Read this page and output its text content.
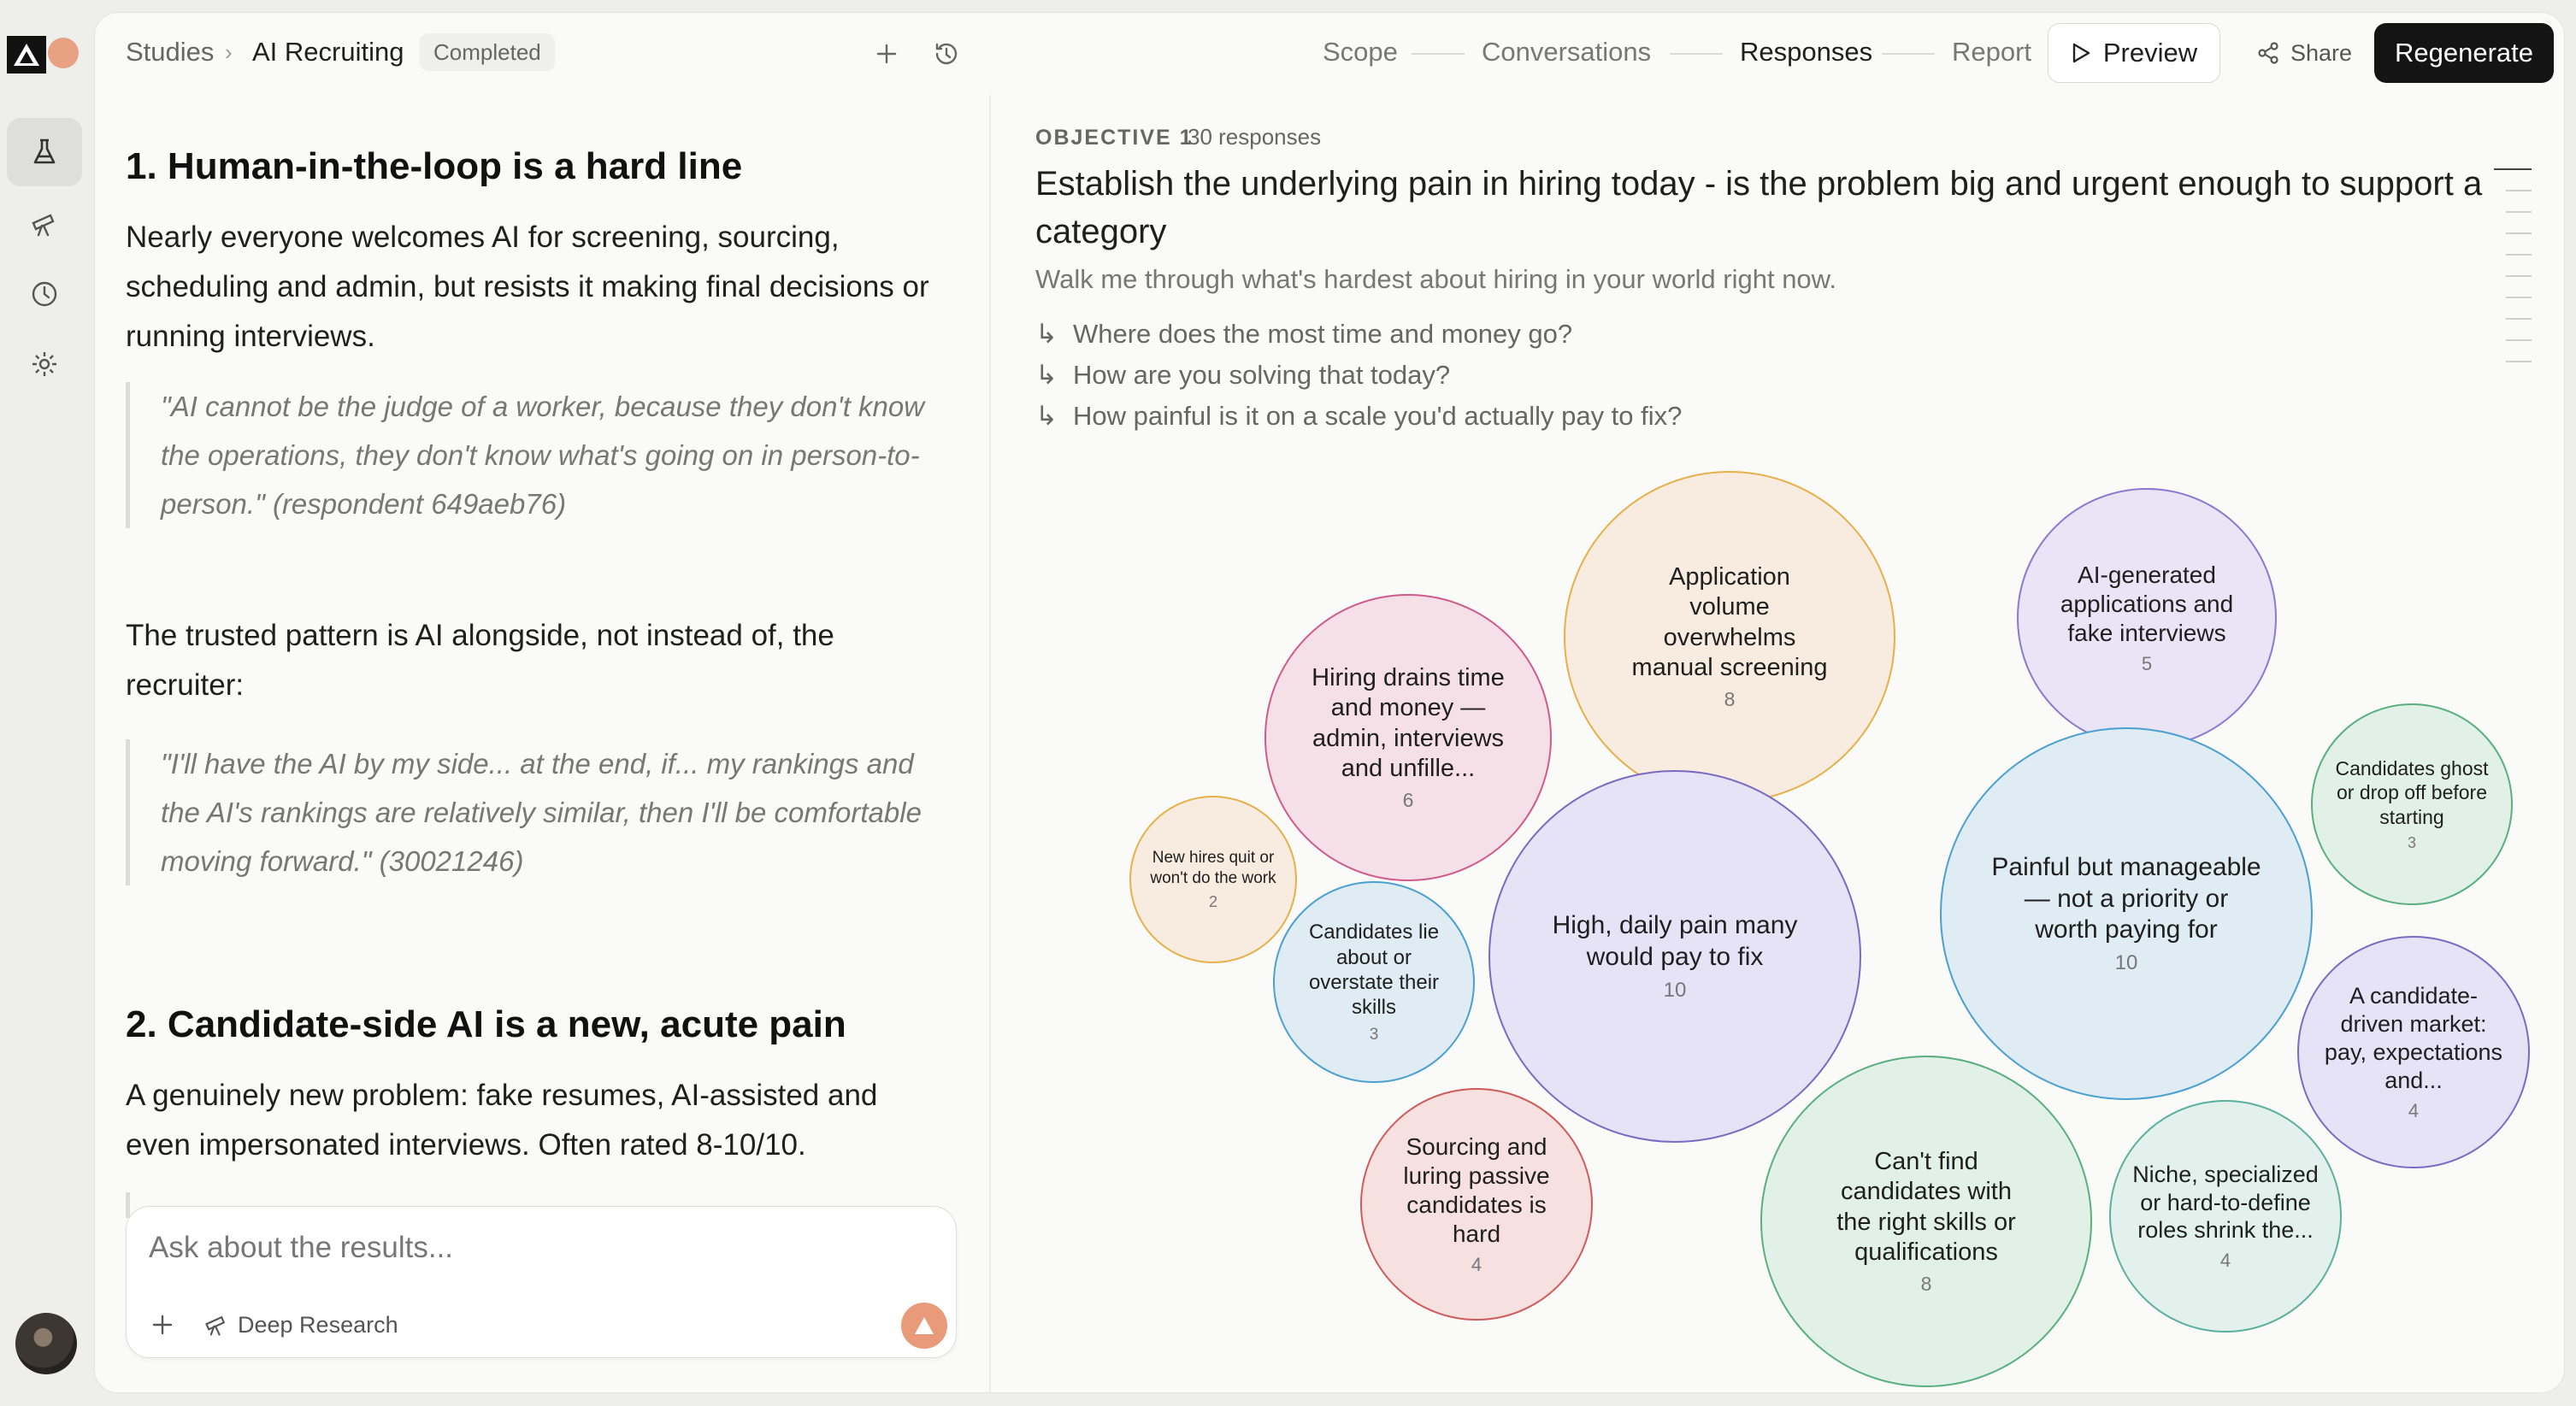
Studies › AI Recruiting	Completed	Scope	Conversations	Responses	Report	Preview	Share	Regenerate
1. Human-in-the-loop is a hard line
Nearly everyone welcomes AI for screening, sourcing, scheduling and admin, but resists it making final decisions or running interviews.
"AI cannot be the judge of a worker, because they don't know the operations, they don't know what's going on in person-to-person." (respondent 649aeb76)
The trusted pattern is AI alongside, not instead of, the recruiter:
"I'll have the AI by my side... at the end, if... my rankings and the AI's rankings are relatively similar, then I'll be comfortable moving forward." (30021246)
2. Candidate-side AI is a new, acute pain
A genuinely new problem: fake resumes, AI-assisted and even impersonated interviews. Often rated 8-10/10.
Ask about the results...
Deep Research
OBJECTIVE 1
30 responses
Establish the underlying pain in hiring today - is the problem big and urgent enough to support a category
Walk me through what's hardest about hiring in your world right now.
↳ Where does the most time and money go?
↳ How are you solving that today?
↳ How painful is it on a scale you'd actually pay to fix?
Application volume overwhelms manual screening
8
AI-generated applications and fake interviews
5
Hiring drains time and money — admin, interviews and unfille...
6
Candidates ghost or drop off before starting
3
New hires quit or won't do the work
2
High, daily pain many would pay to fix
10
Painful but manageable — not a priority or worth paying for
10
Candidates lie about or overstate their skills
3
A candidate-driven market: pay, expectations and...
4
Sourcing and luring passive candidates is hard
4
Can't find candidates with the right skills or qualifications
8
Niche, specialized or hard-to-define roles shrink the...
4
